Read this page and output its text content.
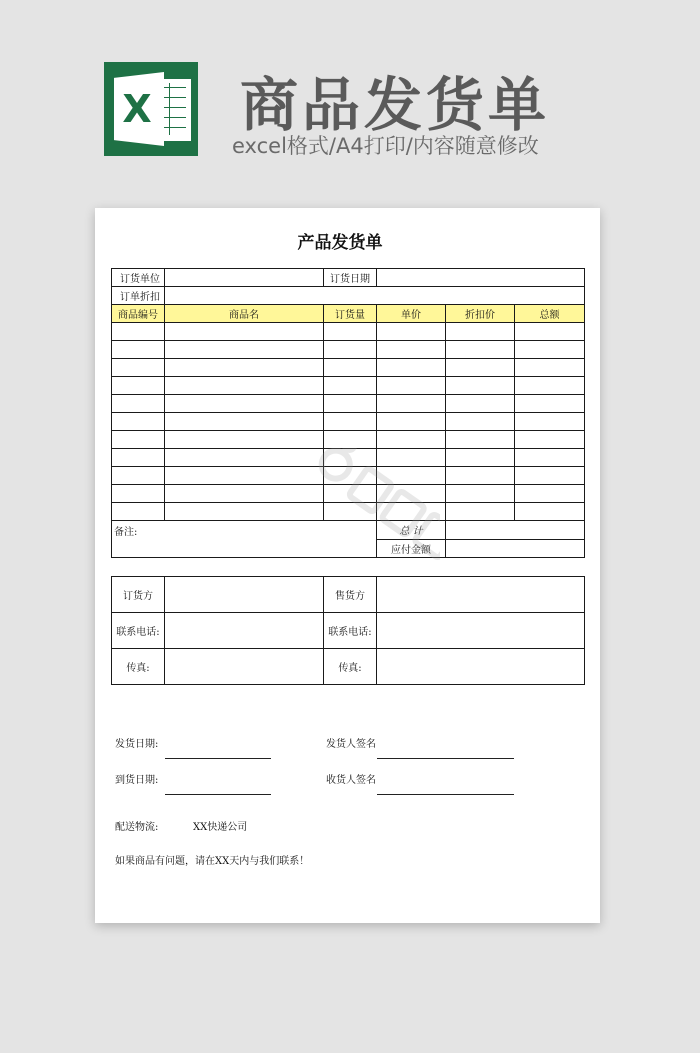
X 商品发货单
excel格式/A4打印/内容随意修改
产品发货单
订货单位		订货日期			
订单折扣					
商品编号	商品名	订货量	单价	折扣价	总额

备注:			总 计		
			应付金额		
订货方		售货方	
联系电话:		联系电话:	
传真:		传真:	
发货日期:	发货人签名
到货日期:	收货人签名
配送物流:	XX快递公司
如果商品有问题，请在XX天内与我们联系！
